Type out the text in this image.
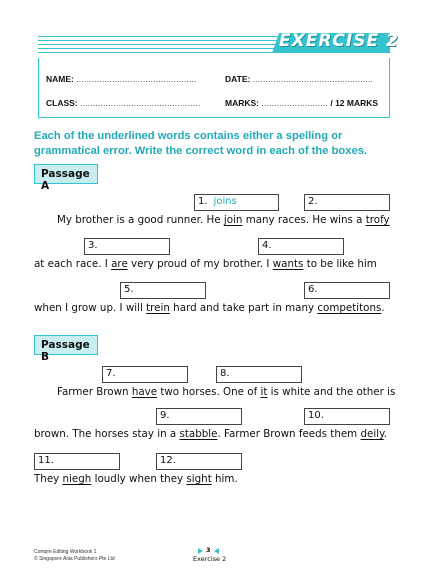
EXERCISE 2
NAME: ...............................................	DATE: ...............................................
CLASS: ...............................................	MARKS: .......................... / 12 MARKS
Each of the underlined words contains either a spelling or grammatical error. Write the correct word in each of the boxes.
Passage A
1. joins	2.
My brother is a good runner. He join many races. He wins a trofy
3.	4.
at each race. I are very proud of my brother. I wants to be like him
5.	6.
when I grow up. I will trein hard and take part in many competitons.
Passage B
7.	8.
Farmer Brown have two horses. One of it is white and the other is
9.	10.
brown. The horses stay in a stabble. Farmer Brown feeds them deily.
11.	12.
They niegh loudly when they sight him.
Compre Editing Workbook 1
© Singapore Asia Publishers Pte Ltd
3
Exercise 2
